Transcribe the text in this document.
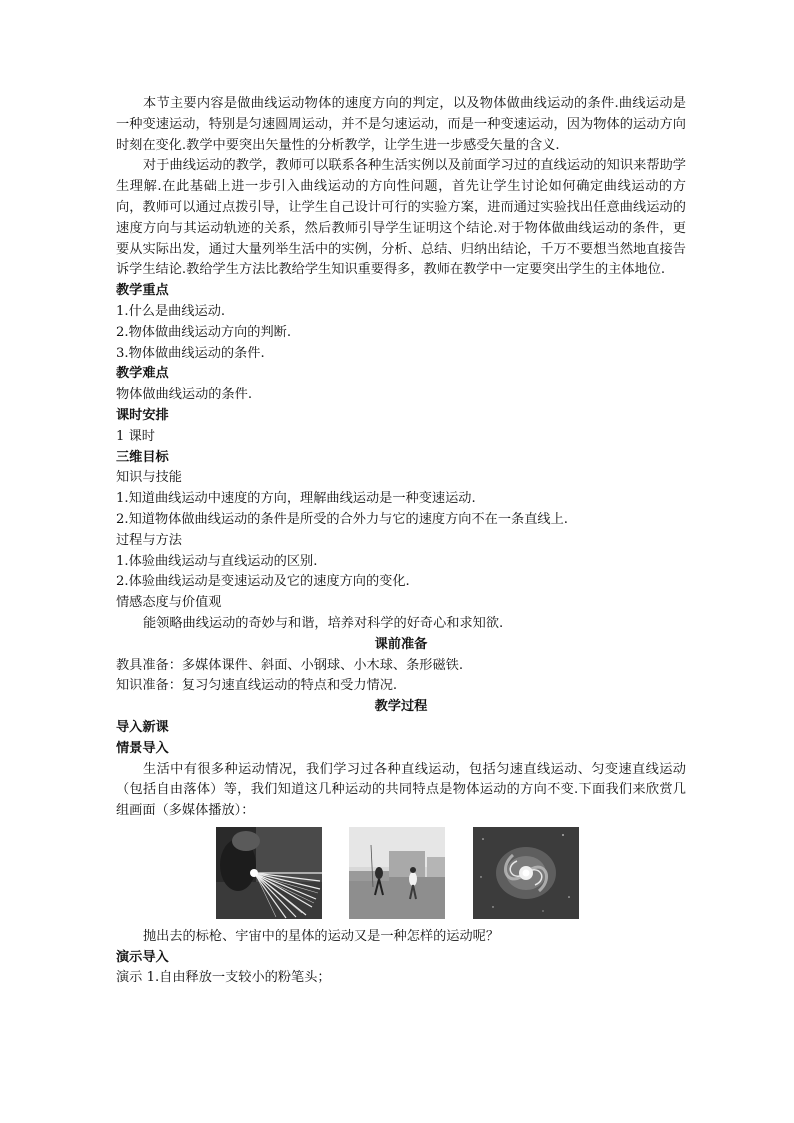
本节主要内容是做曲线运动物体的速度方向的判定，以及物体做曲线运动的条件.曲线运动是一种变速运动，特别是匀速圆周运动，并不是匀速运动，而是一种变速运动，因为物体的运动方向时刻在变化.教学中要突出矢量性的分析教学，让学生进一步感受矢量的含义.

对于曲线运动的教学，教师可以联系各种生活实例以及前面学习过的直线运动的知识来帮助学生理解.在此基础上进一步引入曲线运动的方向性问题，首先让学生讨论如何确定曲线运动的方向，教师可以通过点拨引导，让学生自己设计可行的实验方案，进而通过实验找出任意曲线运动的速度方向与其运动轨迹的关系，然后教师引导学生证明这个结论.对于物体做曲线运动的条件，更要从实际出发，通过大量列举生活中的实例，分析、总结、归纳出结论，千万不要想当然地直接告诉学生结论.教给学生方法比教给学生知识重要得多，教师在教学中一定要突出学生的主体地位.

教学重点

1.什么是曲线运动.

2.物体做曲线运动方向的判断.

3.物体做曲线运动的条件.

教学难点

物体做曲线运动的条件.

课时安排

1 课时

三维目标

知识与技能

1.知道曲线运动中速度的方向，理解曲线运动是一种变速运动.

2.知道物体做曲线运动的条件是所受的合外力与它的速度方向不在一条直线上.

过程与方法

1.体验曲线运动与直线运动的区别.

2.体验曲线运动是变速运动及它的速度方向的变化.

情感态度与价值观

能领略曲线运动的奇妙与和谐，培养对科学的好奇心和求知欲.

课前准备

教具准备：多媒体课件、斜面、小钢球、小木球、条形磁铁.

知识准备：复习匀速直线运动的特点和受力情况.

教学过程

导入新课

情景导入

生活中有很多种运动情况，我们学习过各种直线运动，包括匀速直线运动、匀变速直线运动（包括自由落体）等，我们知道这几种运动的共同特点是物体运动的方向不变.下面我们来欣赏几组画面（多媒体播放）：

抛出去的标枪、宇宙中的星体的运动又是一种怎样的运动呢？

演示导入

演示 1.自由释放一支较小的粉笔头；
